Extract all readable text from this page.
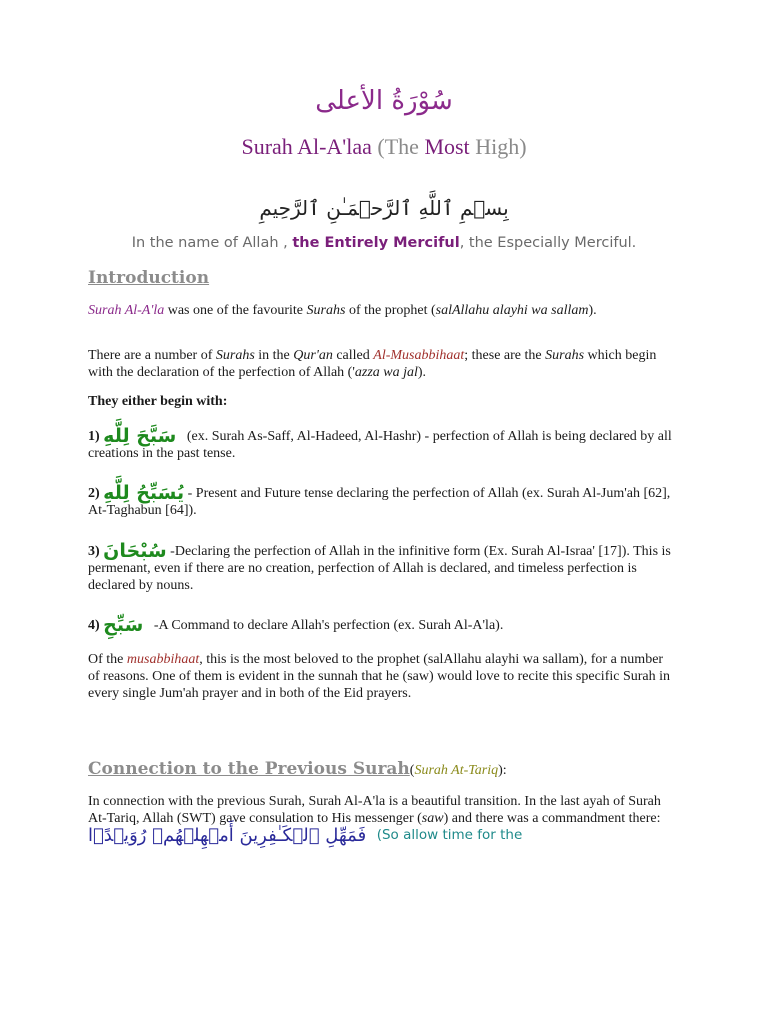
سُوْرَةُ الأعلى
Surah Al-A'laa (The Most High)
بِسۡمِ ٱللَّهِ ٱلرَّحۡمَـٰنِ ٱلرَّحِيمِ
In the name of Allah , the Entirely Merciful, the Especially Merciful.
Introduction

Surah Al-A'la was one of the favourite Surahs of the prophet (salAllahu alayhi wa sallam).

There are a number of Surahs in the Qur'an called Al-Musabbihaat; these are the Surahs which begin with the declaration of the perfection of Allah ('azza wa jal).

They either begin with:

1) سَبَّحَ لِلَّهِ (ex. Surah As-Saff, Al-Hadeed, Al-Hashr) - perfection of Allah is being declared by all creations in the past tense.

2) يُسَبِّحُ لِلَّهِ - Present and Future tense declaring the perfection of Allah (ex. Surah Al-Jum'ah [62], At-Taghabun [64]).

3) سُبْحَانَ -Declaring the perfection of Allah in the infinitive form (Ex. Surah Al-Israa' [17]). This is permenant, even if there are no creation, perfection of Allah is declared, and timeless perfection is declared by nouns.

4) سَبِّحِ -A Command to declare Allah's perfection (ex. Surah Al-A'la).

Of the musabbihaat, this is the most beloved to the prophet (salAllahu alayhi wa sallam), for a number of reasons. One of them is evident in the sunnah that he (saw) would love to recite this specific Surah in every single Jum'ah prayer and in both of the Eid prayers.

Connection to the Previous Surah(Surah At-Tariq):

In connection with the previous Surah, Surah Al-A'la is a beautiful transition. In the last ayah of Surah At-Tariq, Allah (SWT) gave consulation to His messenger (saw) and there was a commandment there: فَمَهِّلِ ٱلۡكَـٰفِرِينَ أَمۡهِلۡهُمۡ رُوَيۡدًۢا (So allow time for the
